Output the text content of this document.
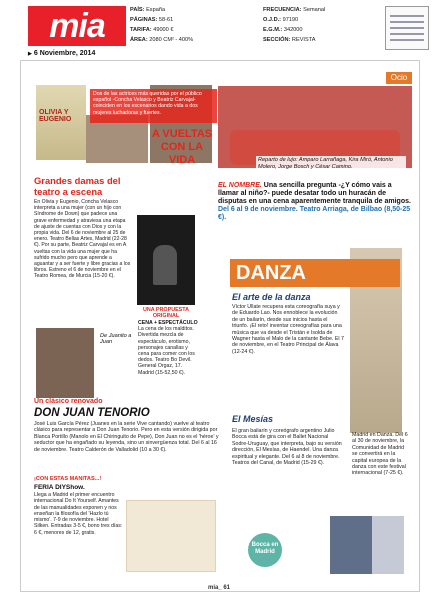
mia	PAÍS: España
PÁGINAS: 58-61
TARIFA: 49000 €
ÁREA: 2080 CM² - 400%
FRECUENCIA: Semanal
O.J.D.: 97190
E.G.M.: 342000
SECCIÓN: REVISTA
▶ 6 Noviembre, 2014
OLIVIA Y EUGENIO
Dos de las actrices más queridas por el público español -Concha Velasco y Beatriz Carvajal- coinciden en los escenarios dando vida a dos mujeres luchadoras y fuertes.
A VUELTAS CON LA VIDA
Ocio
Reparto de lujo: Amparo Larrañaga, Kira Miró, Antonio Molero, Jorge Bosch y César Camino.
Grandes damas del teatro a escena
En Olivia y Eugenio, Concha Velasco interpreta a una mujer (con un hijo con Síndrome de Down) que padece una grave enfermedad y atraviesa una etapa de ajuste de cuentas con Dios y con la propia vida. Del 6 de noviembre al 25 de enero. Teatro Bellas Artes, Madrid (22-28 €). Por su parte, Beatriz Carvajal es en A vueltas con la vida una mujer que ha sufrido mucho pero que aprende a aguantar y a ser fuerte y libre gracias a los libros. Estreno el 6 de noviembre en el Teatro Romea, de Murcia (15-20 €).
UNA PROPUESTA ORIGINAL
CENA + ESPECTÁCULO
La cena de los malditos. Divertida mezcla de espectáculo, erotismo, personajes canallas y cena para comer con los dedos. Teatro Bo Devil. General Orgaz, 17. Madrid (15-52,50 €).
EL NOMBRE. Una sencilla pregunta -¿Y cómo vais a llamar al niño?- puede desatar todo un huracán de disputas en una cena aparentemente tranquila de amigos. Del 6 al 9 de noviembre. Teatro Arriaga, de Bilbao (8,50-25 €).
DANZA
El arte de la danza
Víctor Ullate recupera esta coreografía suya y de Eduardo Lao. Nos ennoblece la evolución de un bailarín, desde sus inicios hasta el triunfo. ¡El reto! inventar coreografías para una música que va desde el Tristán e Isolda de Wagner hasta el Malo de la cantante Bebe. El 7 de noviembre, en el Teatro Principal de Álava (12-24 €).
El Mesías
El gran bailarín y coreógrafo argentino Julio Bocca está de gira con el Ballet Nacional Sodre-Uruguay, que interpreta, bajo su versión dirección, El Mesías, de Haendel. Una danza espiritual y elegante. Del 6 al 8 de noviembre. Teatros del Canal, de Madrid (15-29 €).
Madrid en Danza. Del 6 al 30 de noviembre, la Comunidad de Madrid se convertirá en la capital europea de la danza con este festival internacional (7-25 €).
Bocca en Madrid
De Juanito a Juan
Un clásico renovado
DON JUAN TENORIO
José Luis García Pérez (Juanes en la serie Vive cantando) vuelve al teatro clásico para representar a Don Juan Tenorio. Pero en esta versión dirigida por Blanca Portillo (Manolo en El Chiringuito de Pepe), Don Juan no es el 'héroe' y seductor que ha engañado su leyenda, sino un sinvergüenza total. Del 6 al 16 de noviembre. Teatro Calderón de Valladolid (10 a 30 €).
¡CON ESTAS MANITAS...!
FERIA DIYShow.
Llega a Madrid el primer encuentro internacional Do It Yourself. Amantes de las manualidades exponen y nos enseñan la filosofía del 'Hazlo tú mismo'. 7-9 de noviembre. Hotel Silken. Entradas 3-5 €, bono tres días: 6 €, menores de 12, gratis.
mia_ 61
